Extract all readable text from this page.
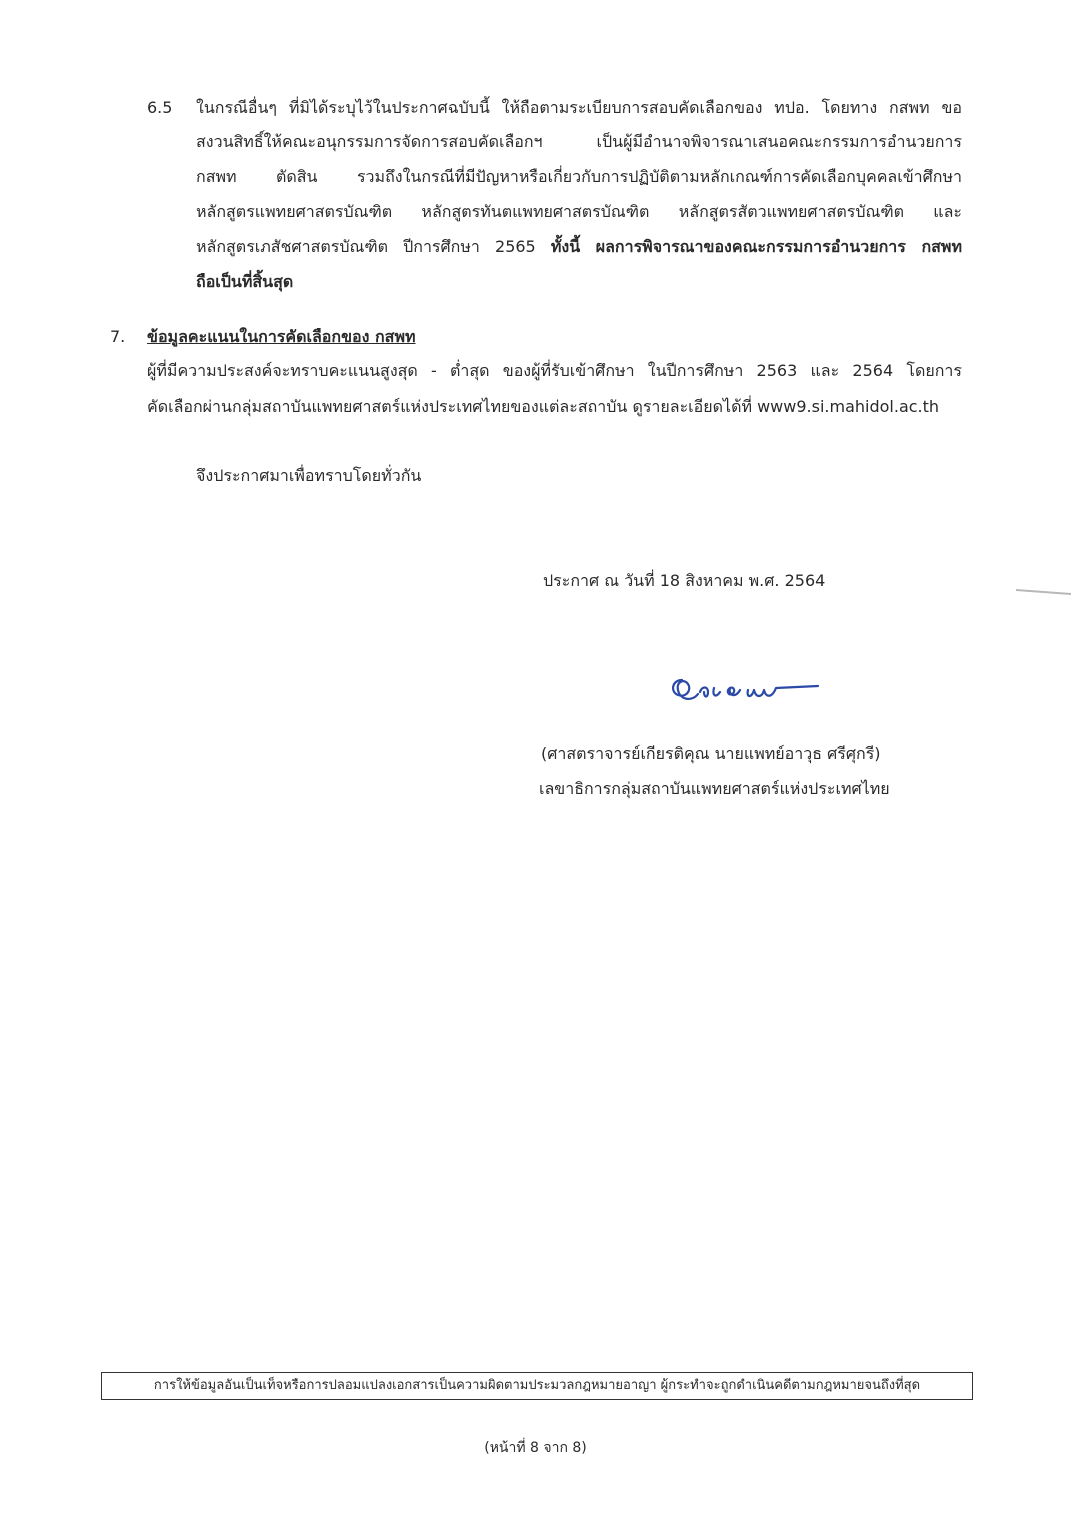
6.5 ในกรณีอื่นๆ ที่มิได้ระบุไว้ในประกาศฉบับนี้ ให้ถือตามระเบียบการสอบคัดเลือกของ ทปอ. โดยทาง กสพท ขอ
สงวนสิทธิ์ให้คณะอนุกรรมการจัดการสอบคัดเลือกฯ เป็นผู้มีอำนาจพิจารณาเสนอคณะกรรมการอำนวยการ
กสพท ตัดสิน รวมถึงในกรณีที่มีปัญหาหรือเกี่ยวกับการปฏิบัติตามหลักเกณฑ์การคัดเลือกบุคคลเข้าศึกษา
หลักสูตรแพทยศาสตรบัณฑิต หลักสูตรทันตแพทยศาสตรบัณฑิต หลักสูตรสัตวแพทยศาสตรบัณฑิต และ
หลักสูตรเภสัชศาสตรบัณฑิต ปีการศึกษา 2565 ทั้งนี้ ผลการพิจารณาของคณะกรรมการอำนวยการ กสพท
ถือเป็นที่สิ้นสุด
7. ข้อมูลคะแนนในการคัดเลือกของ กสพท
ผู้ที่มีความประสงค์จะทราบคะแนนสูงสุด - ต่ำสุด ของผู้ที่รับเข้าศึกษา ในปีการศึกษา 2563 และ 2564 โดยการ
คัดเลือกผ่านกลุ่มสถาบันแพทยศาสตร์แห่งประเทศไทยของแต่ละสถาบัน ดูรายละเอียดได้ที่ www9.si.mahidol.ac.th
จึงประกาศมาเพื่อทราบโดยทั่วกัน
ประกาศ ณ วันที่ 18 สิงหาคม พ.ศ. 2564
(ศาสตราจารย์เกียรติคุณ นายแพทย์อาวุธ ศรีศุกรี)
เลขาธิการกลุ่มสถาบันแพทยศาสตร์แห่งประเทศไทย
การให้ข้อมูลอันเป็นเท็จหรือการปลอมแปลงเอกสารเป็นความผิดตามประมวลกฎหมายอาญา ผู้กระทำจะถูกดำเนินคดีตามกฎหมายจนถึงที่สุด
(หน้าที่ 8 จาก 8)
